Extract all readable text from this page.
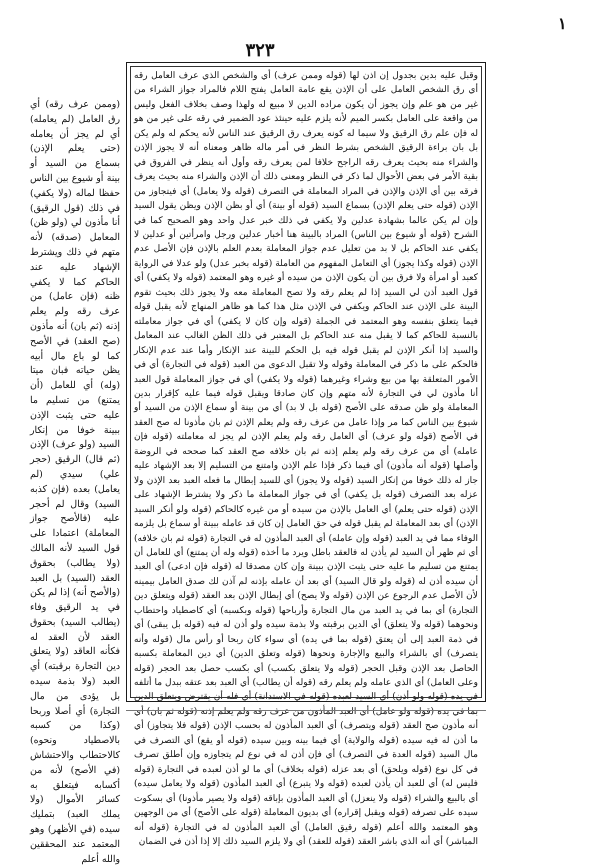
١
٣٢٣

وقبل عليه بدين بجدول إن اذن لها (قوله وممن عرف) أي والشخص الذي عرف العامل رقه أي رق الشخص العامل على أن الإذن يقع عامة العامل يفتح اللام فالمراد جواز الشراء من غير من هو علم وإن يجوز أن يكون مراده الدين لا مبيع له ولهذا وصف بخلاف الفعل وليس من واقعة على العامل بكسر الميم لأنه يلزم عليه حينئذ عود الضمير في رقه على غير من هو له فإن علم رق الرقيق ولا سيما له كونه يعرف رق الرقيق عند الناس لأنه يحكم له ولم يكن بل بان براءة الرقيق الشخص بشرط النظر في أمر ماله ظاهر ومعناه أنه لا يجوز الإذن والشراء منه بحيث يعرف رقه الراجح خلافا لمن يعرف رقه وأول أنه ينظر في الفروق في بقية الأمر في بعض الأحوال لما ذكر في النظر ومعنى ذلك أن الإذن والشراء منه بحيث يعرف فرقه بين أي الإذن والإذن في المراد المعاملة في التصرف (قوله ولا يعامل) أي فيتجاوز من الإذن (قوله حتى يعلم الإذن) بسماع السيد (قوله أو بينة) أي أو بظن الإذن ويظن يقول السيد وإن لم يكن عالما بشهادة عدلين ولا يكفي في ذلك خبر عدل واحد وهو الصحيح كما في الشرح (قوله أو شيوع بين الناس) المراد بالبينة هنا أخبار عدلين ورجل وامرأتين أو عدلين لا يكفي عند الحاكم بل لا بد من تعليل عدم جواز المعاملة بعدم العلم بالإذن فإن الأصل عدم الإذن (قوله وكذا يجوز) أي التعامل المفهوم من العاملة (قوله بخبر عدل) ولو عدلا في الرواية كعبد أو امرأة ولا فرق بين أن يكون الإذن من سيده أو غيره وهو المعتمد (قوله ولا يكفي) أي قول العبد أذن لي السيد إذا لم يعلم رقه ولا تصح المعاملة معه ولا يجوز ذلك بحيث تقوم البينة على الإذن عند الحاكم ويكفي في الإذن مثل هذا كما هو ظاهر المنهاج لأنه يقبل قوله فيما يتعلق بنفسه وهو المعتمد في الجملة (قوله وإن كان لا يكفي) أي في جواز معاملته بالنسبة للحاكم كما لا يقبل منه عند الحاكم بل المعتبر في ذلك الظن الغالب عند المعامل والسيد إذا أنكر الإذن لم يقبل قوله فيه بل الحكم للبينة عند الإنكار وأما عند عدم الإنكار فالحكم على ما ذكر في المعاملة وقوله ولا تقبل الدعوى من العبد (قوله في التجارة) أي في الأمور المتعلقة بها من بيع وشراء وغيرهما (قوله ولا يكفي) أي في جواز المعاملة قول العبد أنا مأذون لي في التجارة لأنه متهم وإن كان صادقا ويقبل قوله فيما عليه كإقرار بدين المعاملة ولو ظن صدقه على الأصح (قوله بل لا بد) أي من بينة أو سماع الإذن من السيد أو شيوع بين الناس كما مر وإذا عامل من عرف رقه ولم يعلم الإذن ثم بان مأذونا له صح العقد في الأصح (قوله ولو عرف) أي العامل رقه ولم يعلم الإذن لم يجز له معاملته (قوله فإن عامله) أي من عرف رقه ولم يعلم إذنه ثم بان خلافه صح العقد كما صححه في الروضة وأصلها (قوله أنه مأذون) أي فيما ذكر فإذا علم الإذن وامتنع من التسليم إلا بعد الإشهاد عليه جاز له ذلك خوفا من إنكار السيد (قوله ولا يجوز) أي للسيد إبطال ما فعله العبد بعد الإذن ولا عزله بعد التصرف (قوله بل يكفي) أي في جواز المعاملة ما ذكر ولا يشترط الإشهاد على الإذن (قوله حتى يعلم) أي العامل بالإذن من سيده أو من غيره كالحاكم (قوله ولو أنكر السيد الإذن) أي بعد المعاملة لم يقبل قوله في حق العامل إن كان قد عامله ببينة أو سماع بل يلزمه الوفاء مما في يد العبد (قوله وإن عامله) أي العبد المأذون له في التجارة (قوله ثم بان خلافه) أي ثم ظهر أن السيد لم يأذن له فالعقد باطل ويرد ما أخذه (قوله وله أن يمتنع) أي للعامل أن يمتنع من تسليم ما عليه حتى يثبت الإذن ببينة وإن كان مصدقا له (قوله فإن ادعى) أي العبد أن سيده أذن له (قوله ولو قال السيد) أي بعد أن عامله بإذنه لم آذن لك صدق العامل بيمينه لأن الأصل عدم الرجوع عن الإذن (قوله ولا يصح) أي إبطال الإذن بعد العقد (قوله ويتعلق دين التجارة) أي بما في يد العبد من مال التجارة وأرباحها (قوله وبكسبه) أي كاصطياد واحتطاب ونحوهما (قوله ولا يتعلق) أي الدين برقبته ولا بذمة سيده ولو أذن له فيه (قوله بل يبقى) أي في ذمة العبد إلى أن يعتق (قوله بما في يده) أي سواء كان ربحا أو رأس مال (قوله وأنه يتصرف) أي بالشراء والبيع والإجارة ونحوها (قوله وتعلق الدين) أي دين المعاملة بكسبه الحاصل بعد الإذن وقبل الحجر (قوله ولا يتعلق بكسب) أي بكسب حصل بعد الحجر (قوله وعلى العامل) أي الذي عامله ولم يعلم رقه (قوله أن يطالب) أي العبد بعد عتقه ببدل ما أتلفه في يده (قوله ولو أذن) أي السيد لعبده (قوله في الاستدانة) أي فله أن يقترض ويتعلق الدين بما في يده (قوله ولو عامل) أي العبد المأذون من عرف رقه ولم يعلم إذنه (قوله ثم بان) أي أنه مأذون صح العقد (قوله ويتصرف) أي العبد المأذون له بحسب الإذن (قوله فلا يتجاوز) أي ما أذن له فيه سيده (قوله والولاية) أي فيما بينه وبين سيده (قوله أو يقع) أي التصرف في مال السيد (قوله العدة في التصرف) أي فإن أذن له في نوع لم يتجاوزه وإن أطلق تصرف في كل نوع (قوله ويلحق) أي بعد عزله (قوله بخلاف) أي ما لو أذن لعبده في التجارة (قوله فليس له) أي للعبد أن يأذن لعبده (قوله ولا يتبرع) أي العبد المأذون (قوله ولا يعامل سيده) أي بالبيع والشراء (قوله ولا ينعزل) أي العبد المأذون بإباقه (قوله ولا يصير مأذونا) أي بسكوت سيده على تصرفه (قوله ويقبل إقراره) أي بديون المعاملة (قوله على الأصح) أي من الوجهين وهو المعتمد والله أعلم (قوله رقيق العامل) أي العبد المأذون له في التجارة (قوله أنه المباشر) أي أنه الذي باشر العقد (قوله للعقد) أي ولا يلزم السيد ذلك إلا إذا أذن في الضمان

(وممن عرف رقه) أي رق العامل (لم يعامله) أي لم يجز أن يعامله (حتى يعلم الإذن) بسماع من السيد أو بينة أو شيوع بين الناس حفظا لماله (ولا يكفي) في ذلك (قول الرقيق) أنا مأذون لي (ولو ظن) المعامل (صدقه) لأنه متهم في ذلك ويشترط الإشهاد عليه عند الحاكم كما لا يكفي ظنه (فإن عامل) من عرف رقه ولم يعلم إذنه (ثم بان) أنه مأذون (صح العقد) في الأصح كما لو باع مال أبيه يظن حياته فبان ميتا (وله) أي للعامل (أن يمتنع) من تسليم ما عليه حتى يثبت الإذن ببينة خوفا من إنكار السيد (ولو عرف) الإذن (ثم قال) الرقيق (حجر علي) سيدي (لم يعامل) بعده (فإن كذبه السيد) وقال لم أحجر عليه (فالأصح جواز المعاملة) اعتمادا على قول السيد لأنه المالك (ولا يطالب) بحقوق العقد (السيد) بل العبد (والأصح أنه) إذا لم يكن في يد الرقيق وفاء (يطالب السيد) بحقوق العقد لأن العقد له فكأنه العاقد (ولا يتعلق دين التجارة برقبته) أي العبد (ولا بذمة سيده بل يؤدى من مال التجارة) أي أصلا وربحا (وكذا من كسبه بالاصطياد ونحوه) كالاحتطاب والاحتشاش (في الأصح) لأنه من أكسابه فيتعلق به كسائر الأموال (ولا يملك العبد) بتمليك سيده (في الأظهر) وهو المعتمد عند المحققين والله أعلم
